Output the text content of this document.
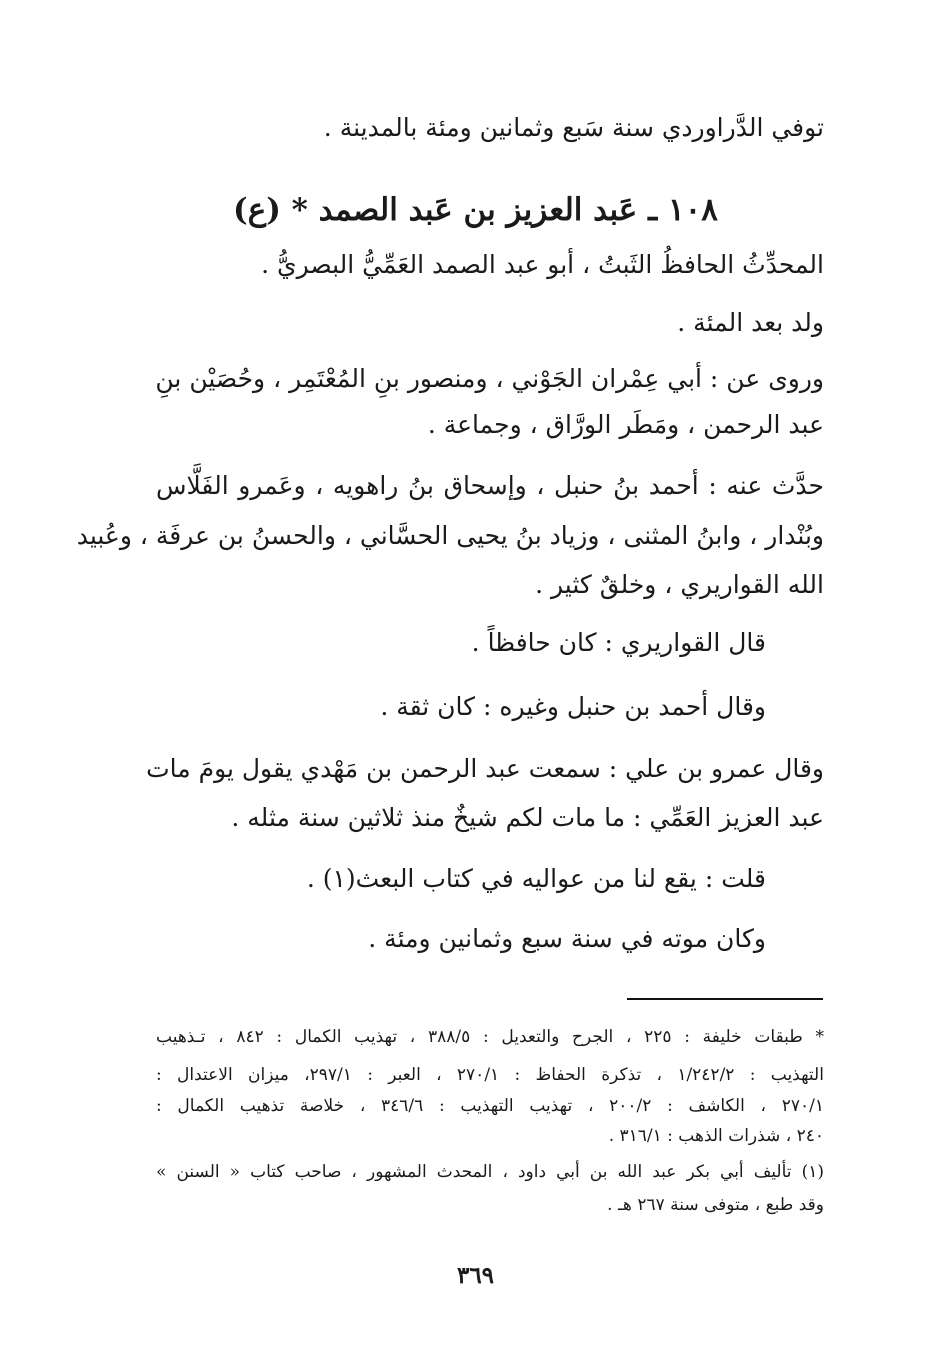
توفي الدَّراوردي سنة سَبع وثمانين ومئة بالمدينة .

١٠٨ ـ عَبد العزيز بن عَبد الصمد * (ع)

المحدِّثُ الحافظُ الثَبتُ ، أبو عبد الصمد العَمِّيُّ البصريُّ .

ولد بعد المئة .

وروى عن : أبي عِمْران الجَوْني ، ومنصور بنِ المُعْتَمِر ، وحُصَيْن بنِ

عبد الرحمن ، ومَطَر الورَّاق ، وجماعة .

حدَّث عنه : أحمد بنُ حنبل ، وإسحاق بنُ راهويه ، وعَمرو الفَلَّاس

وبُنْدار ، وابنُ المثنى ، وزياد بنُ يحيى الحسَّاني ، والحسنُ بن عرفَة ، وعُبيد

الله القواريري ، وخلقٌ كثير .

قال القواريري : كان حافظاً .

وقال أحمد بن حنبل وغيره : كان ثقة .

وقال عمرو بن علي : سمعت عبد الرحمن بن مَهْدي يقول يومَ مات

عبد العزيز العَمِّي : ما مات لكم شيخٌ منذ ثلاثين سنة مثله .

قلت : يقع لنا من عواليه في كتاب البعث(١) .

وكان موته في سنة سبع وثمانين ومئة .

* طبقات خليفة : ٢٢٥ ، الجرح والتعديل : ٣٨٨/٥ ، تهذيب الكمال : ٨٤٢ ، تـذهيب

التهذيب : ١/٢٤٢/٢ ، تذكرة الحفاظ : ٢٧٠/١ ، العبر : ٢٩٧/١، ميزان الاعتدال :

٢٧٠/١ ، الكاشف : ٢٠٠/٢ ، تهذيب التهذيب : ٣٤٦/٦ ، خلاصة تذهيب الكمال :

٢٤٠ ، شذرات الذهب : ٣١٦/١ .

(١) تأليف أبي بكر عبد الله بن أبي داود ، المحدث المشهور ، صاحب كتاب « السنن »

وقد طبع ، متوفى سنة ٢٦٧ هـ .

٣٦٩
